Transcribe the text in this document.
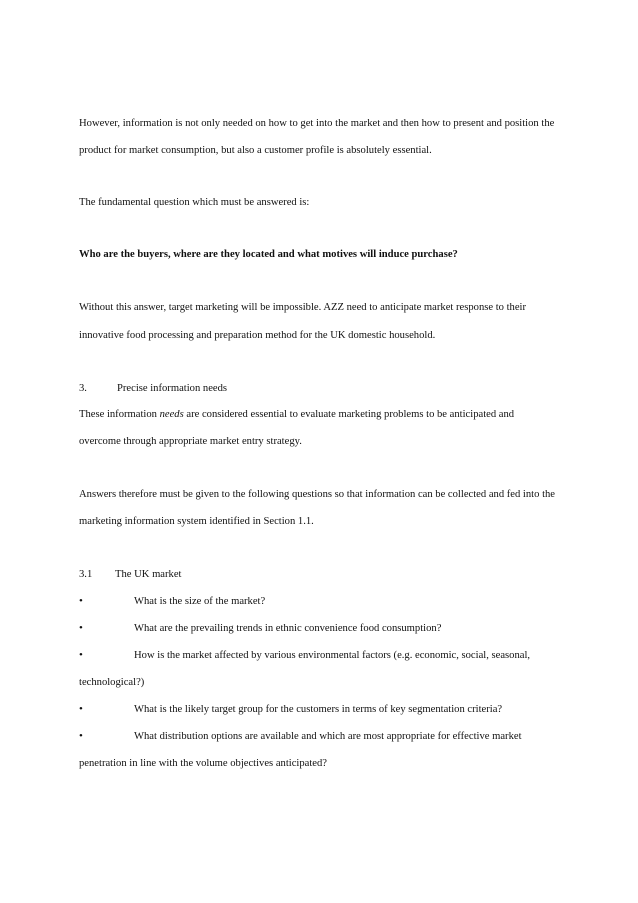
However, information is not only needed on how to get into the market and then how to present and position the
product for market consumption, but also a customer profile is absolutely essential.
The fundamental question which must be answered is:
Who are the buyers, where are they located and what motives will induce purchase?
Without this answer, target marketing will be impossible. AZZ need to anticipate market response to their
innovative food processing and preparation method for the UK domestic household.
3.	Precise information needs
These information needs are considered essential to evaluate marketing problems to be anticipated and
overcome through appropriate market entry strategy.
Answers therefore must be given to the following questions so that information can be collected and fed into the
marketing information system identified in Section 1.1.
3.1 The UK market
•	What is the size of the market?
•	What are the prevailing trends in ethnic convenience food consumption?
•	How is the market affected by various environmental factors (e.g. economic, social, seasonal,
technological?)
•	What is the likely target group for the customers in terms of key segmentation criteria?
•	What distribution options are available and which are most appropriate for effective market
penetration in line with the volume objectives anticipated?
